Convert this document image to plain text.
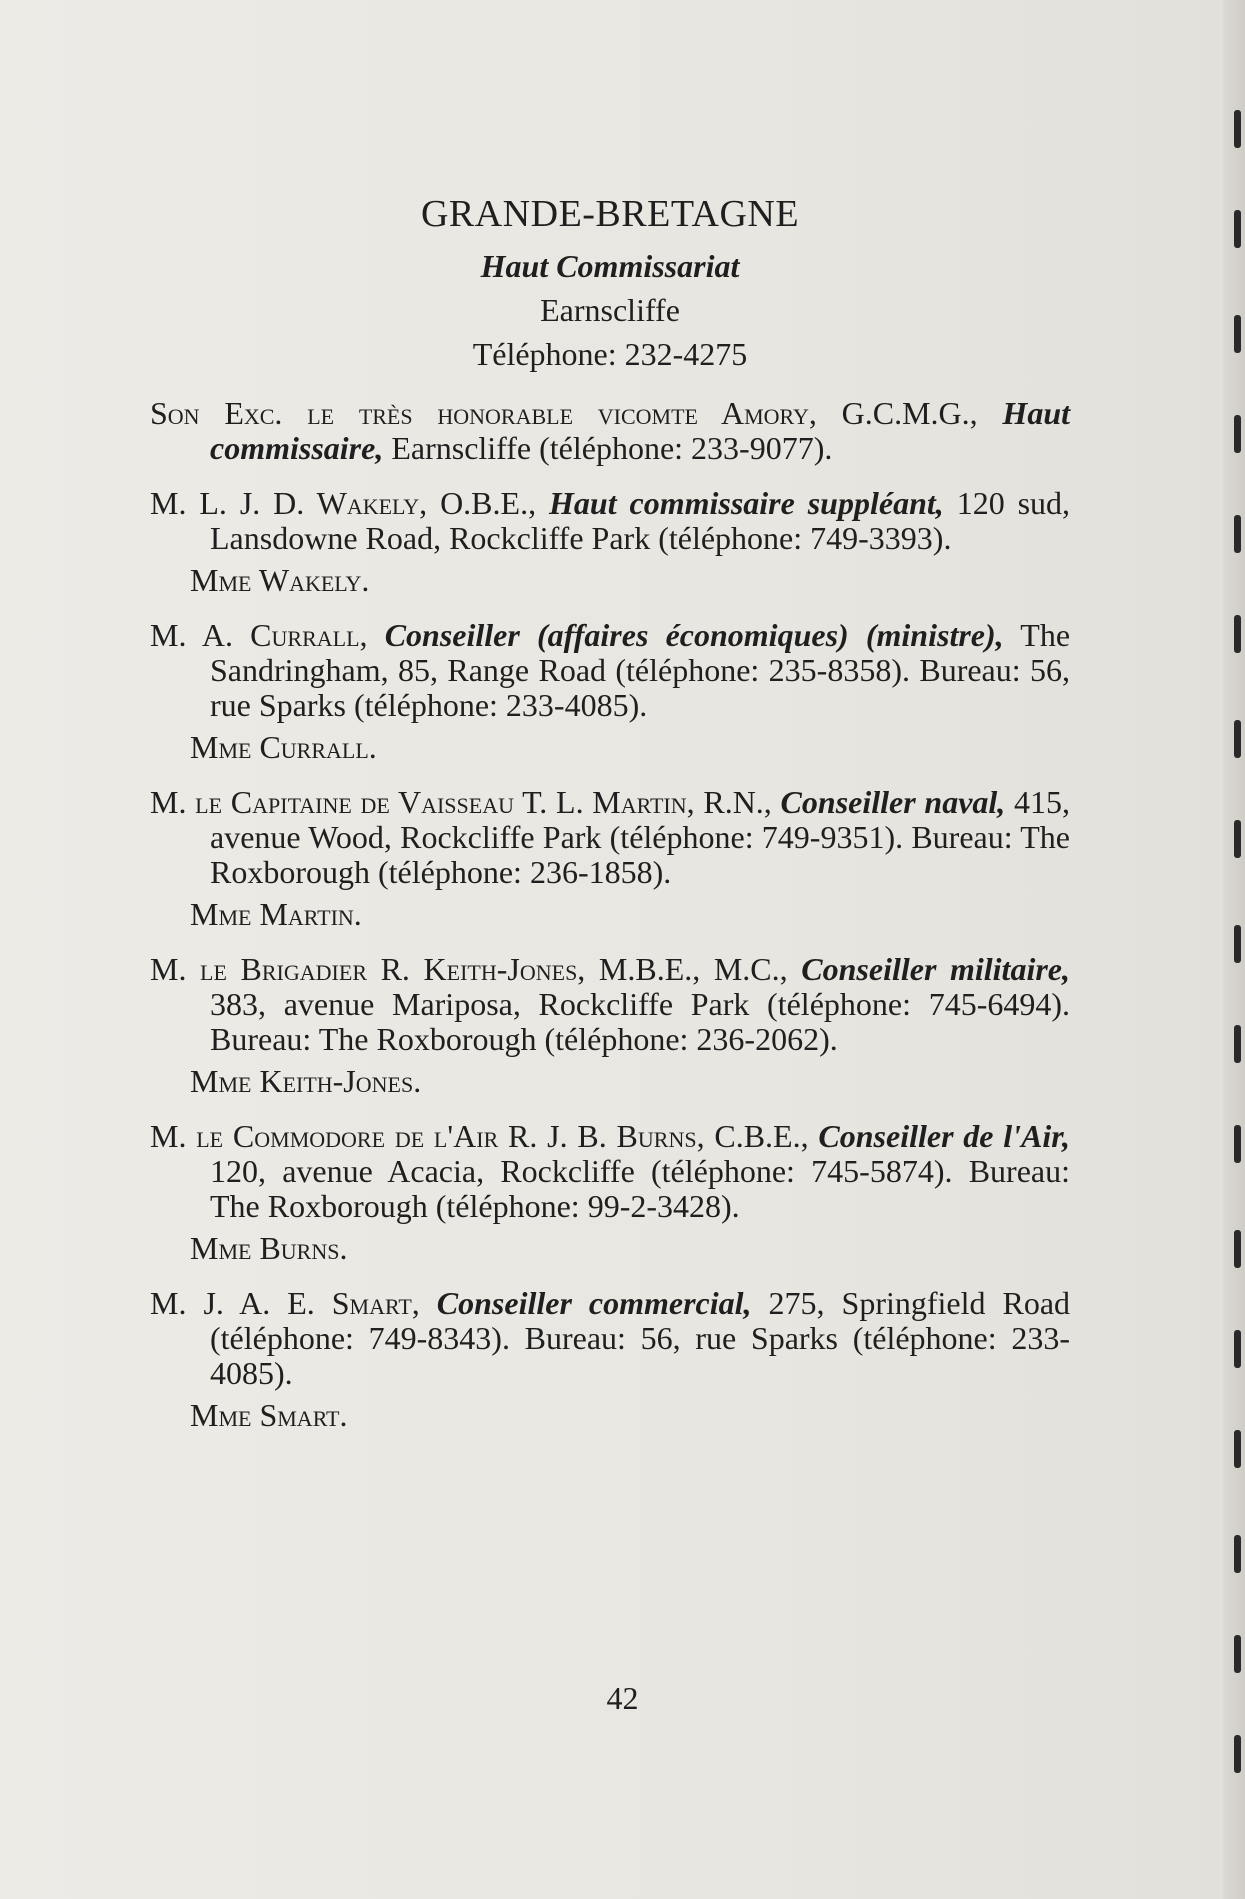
GRANDE-BRETAGNE
Haut Commissariat
Earnscliffe
Téléphone: 232-4275
Son Exc. le très honorable vicomte Amory, G.C.M.G., Haut commissaire, Earnscliffe (téléphone: 233-9077).
M. L. J. D. Wakely, O.B.E., Haut commissaire suppléant, 120 sud, Lansdowne Road, Rockcliffe Park (téléphone: 749-3393).
Mme Wakely.
M. A. Currall, Conseiller (affaires économiques) (ministre), The Sandringham, 85, Range Road (téléphone: 235-8358). Bureau: 56, rue Sparks (téléphone: 233-4085).
Mme Currall.
M. le Capitaine de Vaisseau T. L. Martin, R.N., Conseiller naval, 415, avenue Wood, Rockcliffe Park (téléphone: 749-9351). Bureau: The Roxborough (téléphone: 236-1858).
Mme Martin.
M. le Brigadier R. Keith-Jones, M.B.E., M.C., Conseiller militaire, 383, avenue Mariposa, Rockcliffe Park (téléphone: 745-6494). Bureau: The Roxborough (téléphone: 236-2062).
Mme Keith-Jones.
M. le Commodore de l'Air R. J. B. Burns, C.B.E., Conseiller de l'Air, 120, avenue Acacia, Rockcliffe (téléphone: 745-5874). Bureau: The Roxborough (téléphone: 99-2-3428).
Mme Burns.
M. J. A. E. Smart, Conseiller commercial, 275, Springfield Road (téléphone: 749-8343). Bureau: 56, rue Sparks (téléphone: 233-4085).
Mme Smart.
42
